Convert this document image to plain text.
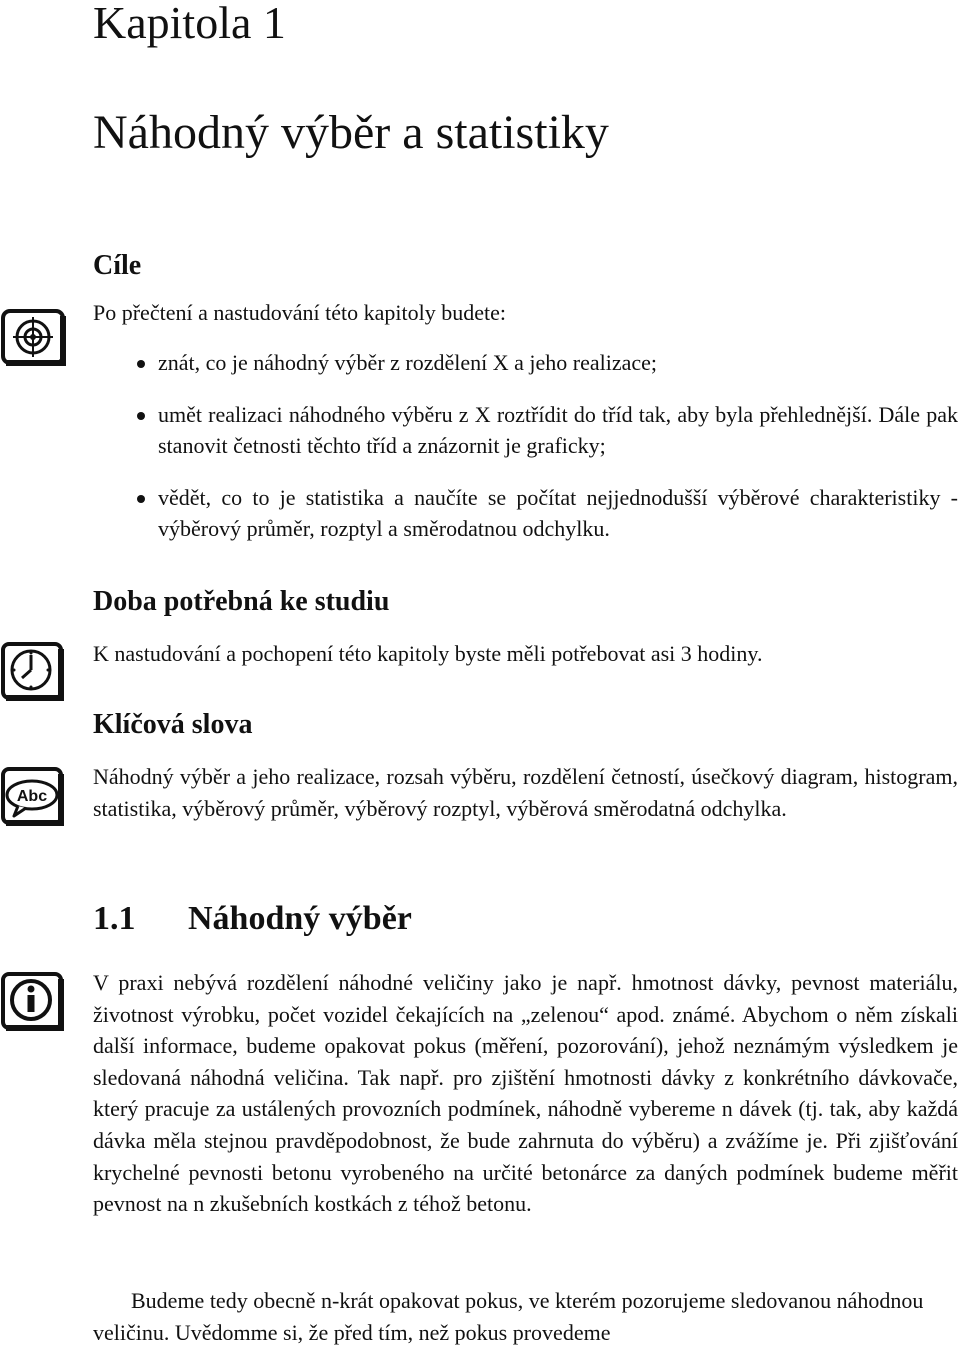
Kapitola 1
Náhodný výběr a statistiky
Cíle
Po přečtení a nastudování této kapitoly budete:
znát, co je náhodný výběr z rozdělení X a jeho realizace;
umět realizaci náhodného výběru z X roztřídit do tříd tak, aby byla přehlednější. Dále pak stanovit četnosti těchto tříd a znázornit je graficky;
vědět, co to je statistika a naučíte se počítat nejjednodušší výběrové charakteristiky - výběrový průměr, rozptyl a směrodatnou odchylku.
Doba potřebná ke studiu
K nastudování a pochopení této kapitoly byste měli potřebovat asi 3 hodiny.
Klíčová slova
Abc
Náhodný výběr a jeho realizace, rozsah výběru, rozdělení četností, úsečkový diagram, histogram, statistika, výběrový průměr, výběrový rozptyl, výběrová směrodatná odchylka.
1.1 Náhodný výběr
V praxi nebývá rozdělení náhodné veličiny jako je např. hmotnost dávky, pevnost materiálu, životnost výrobku, počet vozidel čekajících na „zelenou“ apod. známé. Abychom o něm získali další informace, budeme opakovat pokus (měření, pozorování), jehož neznámým výsledkem je sledovaná náhodná veličina. Tak např. pro zjištění hmotnosti dávky z konkrétního dávkovače, který pracuje za ustálených provozních podmínek, náhodně vybereme n dávek (tj. tak, aby každá dávka měla stejnou pravděpodobnost, že bude zahrnuta do výběru) a zvážíme je. Při zjišťování krychelné pevnosti betonu vyrobeného na určité betonárce za daných podmínek budeme měřit pevnost na n zkušebních kostkách z téhož betonu.
Budeme tedy obecně n-krát opakovat pokus, ve kterém pozorujeme sledovanou náhodnou veličinu. Uvědomme si, že před tím, než pokus provedeme
